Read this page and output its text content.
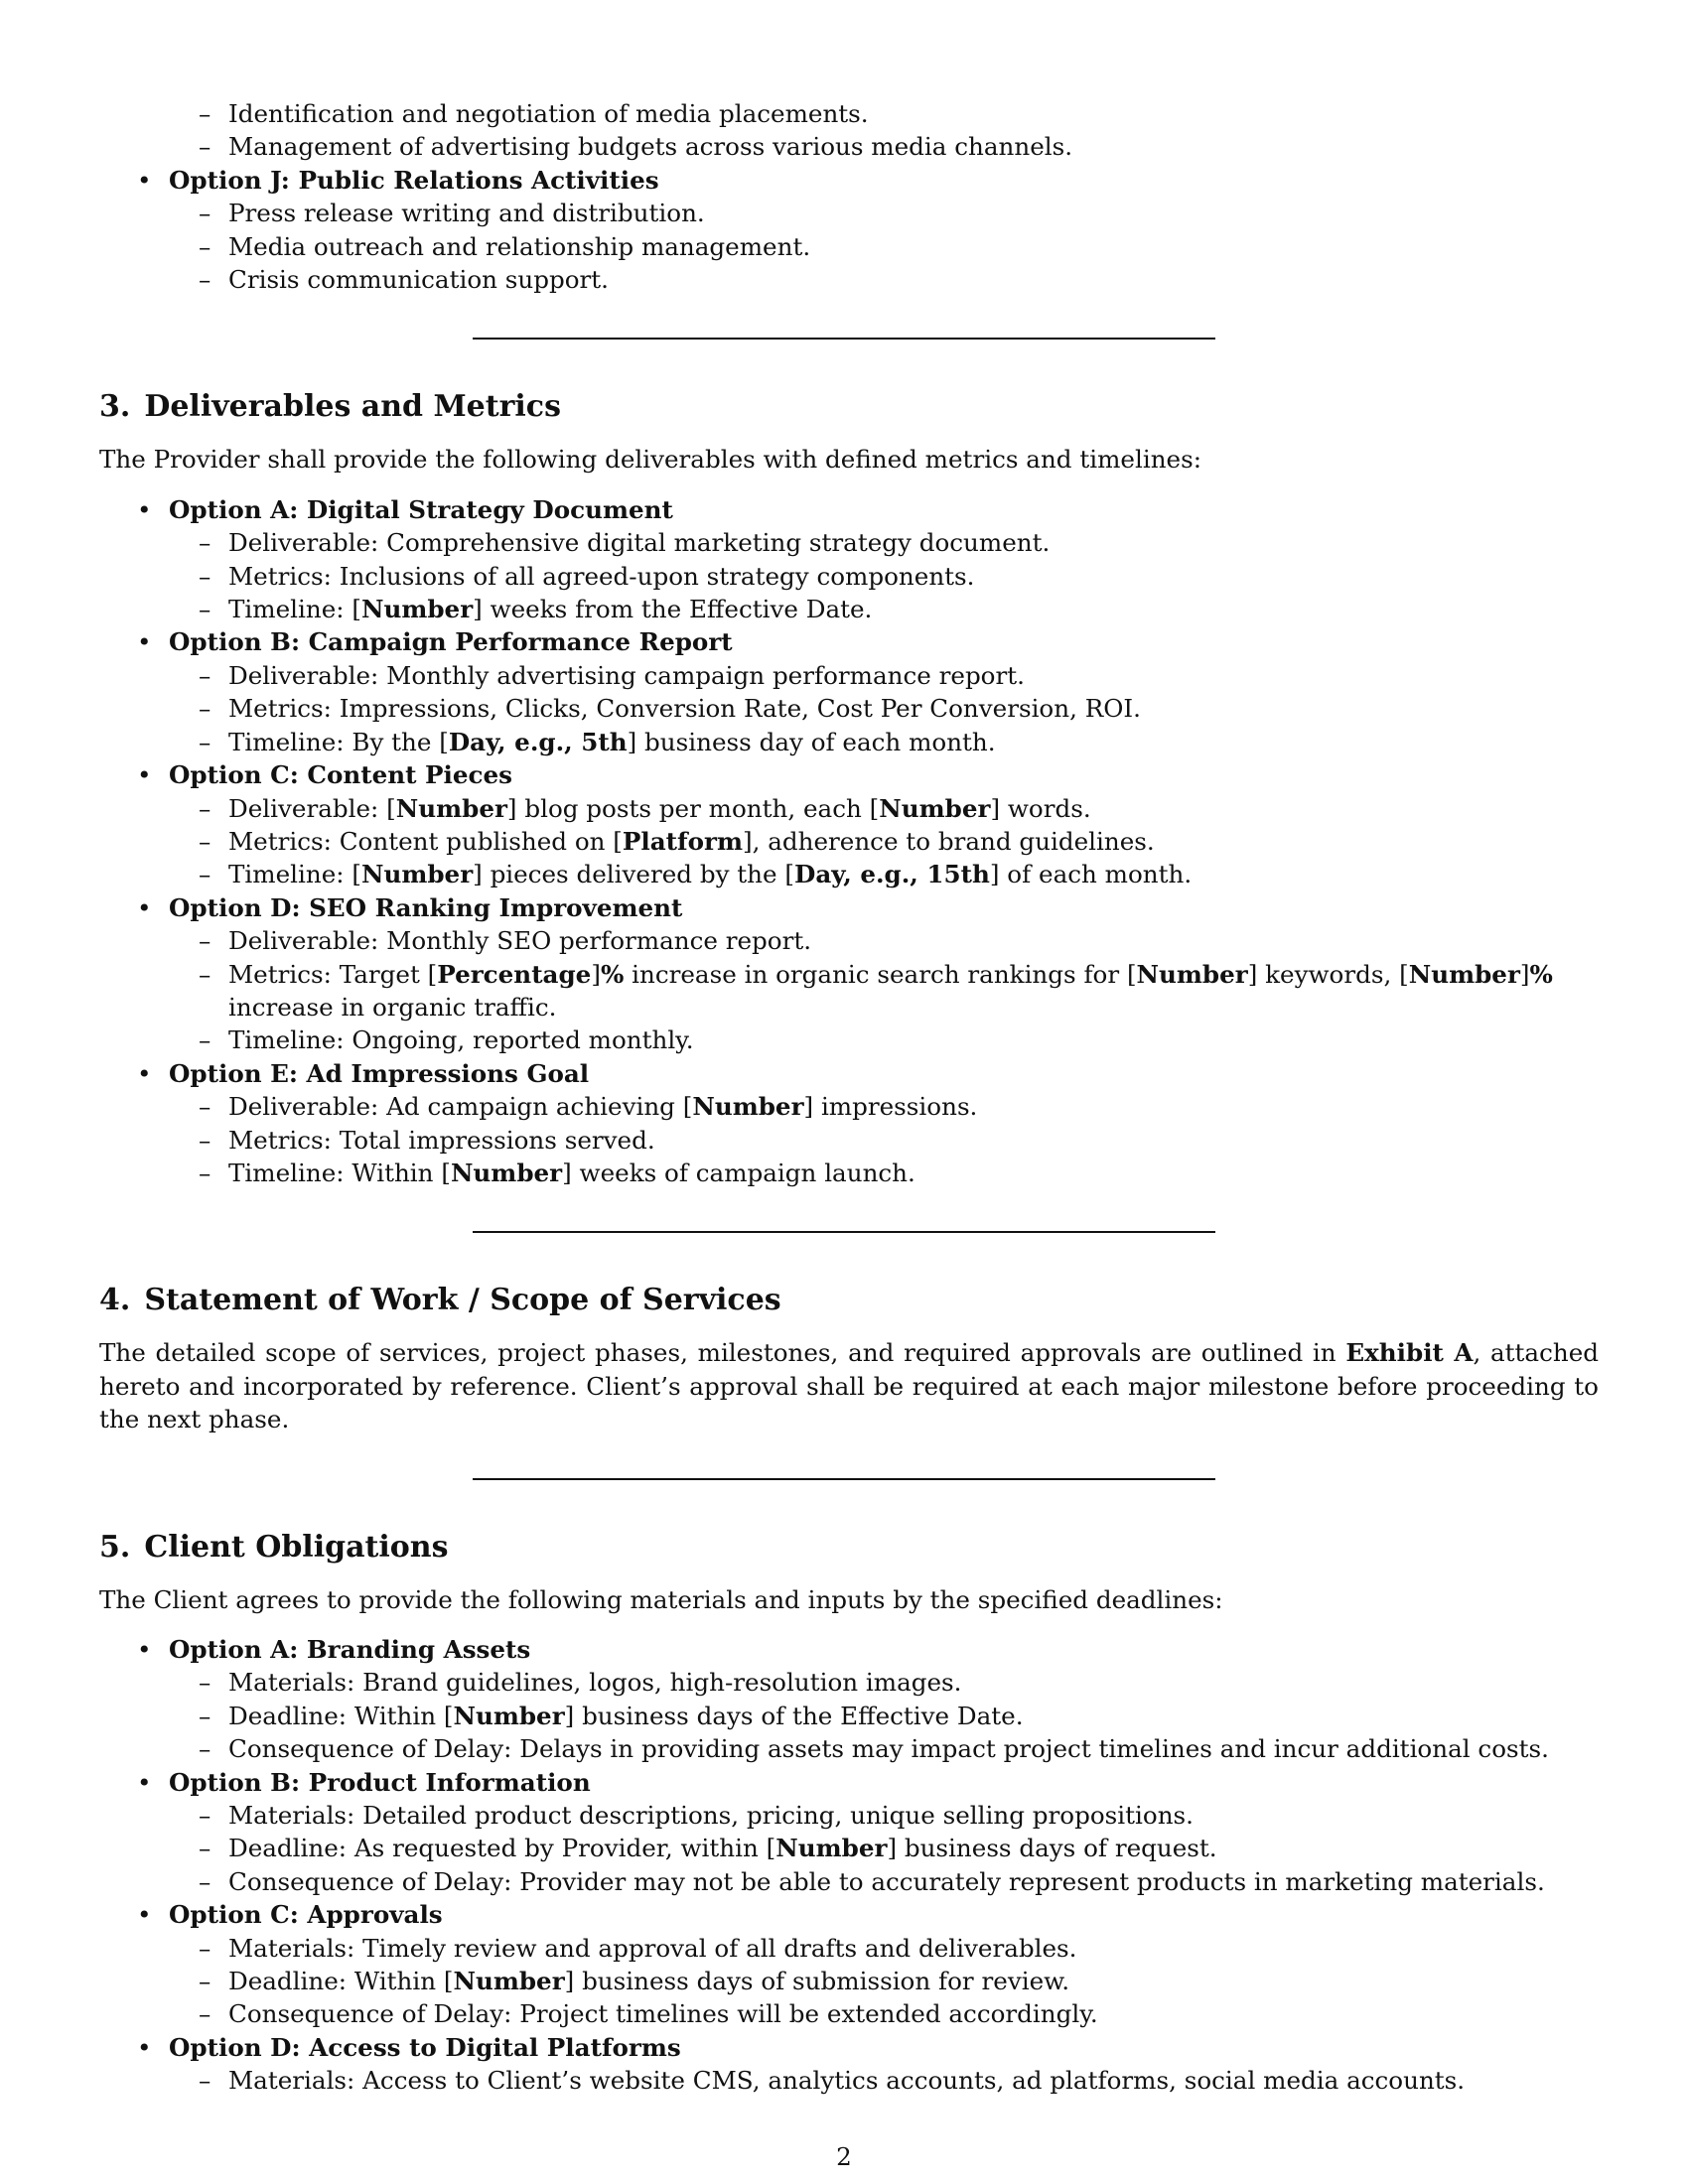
– Identification and negotiation of media placements.
– Management of advertising budgets across various media channels.
• Option J: Public Relations Activities
– Press release writing and distribution.
– Media outreach and relationship management.
– Crisis communication support.
3. Deliverables and Metrics

The Provider shall provide the following deliverables with defined metrics and timelines:

• Option A: Digital Strategy Document
– Deliverable: Comprehensive digital marketing strategy document.
– Metrics: Inclusions of all agreed-upon strategy components.
– Timeline: [Number] weeks from the Effective Date.
• Option B: Campaign Performance Report
– Deliverable: Monthly advertising campaign performance report.
– Metrics: Impressions, Clicks, Conversion Rate, Cost Per Conversion, ROI.
– Timeline: By the [Day, e.g., 5th] business day of each month.
• Option C: Content Pieces
– Deliverable: [Number] blog posts per month, each [Number] words.
– Metrics: Content published on [Platform], adherence to brand guidelines.
– Timeline: [Number] pieces delivered by the [Day, e.g., 15th] of each month.
• Option D: SEO Ranking Improvement
– Deliverable: Monthly SEO performance report.
– Metrics: Target [Percentage]% increase in organic search rankings for [Number] keywords, [Number]% increase in organic traffic.
– Timeline: Ongoing, reported monthly.
• Option E: Ad Impressions Goal
– Deliverable: Ad campaign achieving [Number] impressions.
– Metrics: Total impressions served.
– Timeline: Within [Number] weeks of campaign launch.
4. Statement of Work / Scope of Services

The detailed scope of services, project phases, milestones, and required approvals are outlined in Exhibit A, attached hereto and incorporated by reference. Client’s approval shall be required at each major milestone before proceeding to the next phase.

5. Client Obligations

The Client agrees to provide the following materials and inputs by the specified deadlines:

• Option A: Branding Assets
– Materials: Brand guidelines, logos, high-resolution images.
– Deadline: Within [Number] business days of the Effective Date.
– Consequence of Delay: Delays in providing assets may impact project timelines and incur additional costs.
• Option B: Product Information
– Materials: Detailed product descriptions, pricing, unique selling propositions.
– Deadline: As requested by Provider, within [Number] business days of request.
– Consequence of Delay: Provider may not be able to accurately represent products in marketing materials.
• Option C: Approvals
– Materials: Timely review and approval of all drafts and deliverables.
– Deadline: Within [Number] business days of submission for review.
– Consequence of Delay: Project timelines will be extended accordingly.
• Option D: Access to Digital Platforms
– Materials: Access to Client’s website CMS, analytics accounts, ad platforms, social media accounts.
2
